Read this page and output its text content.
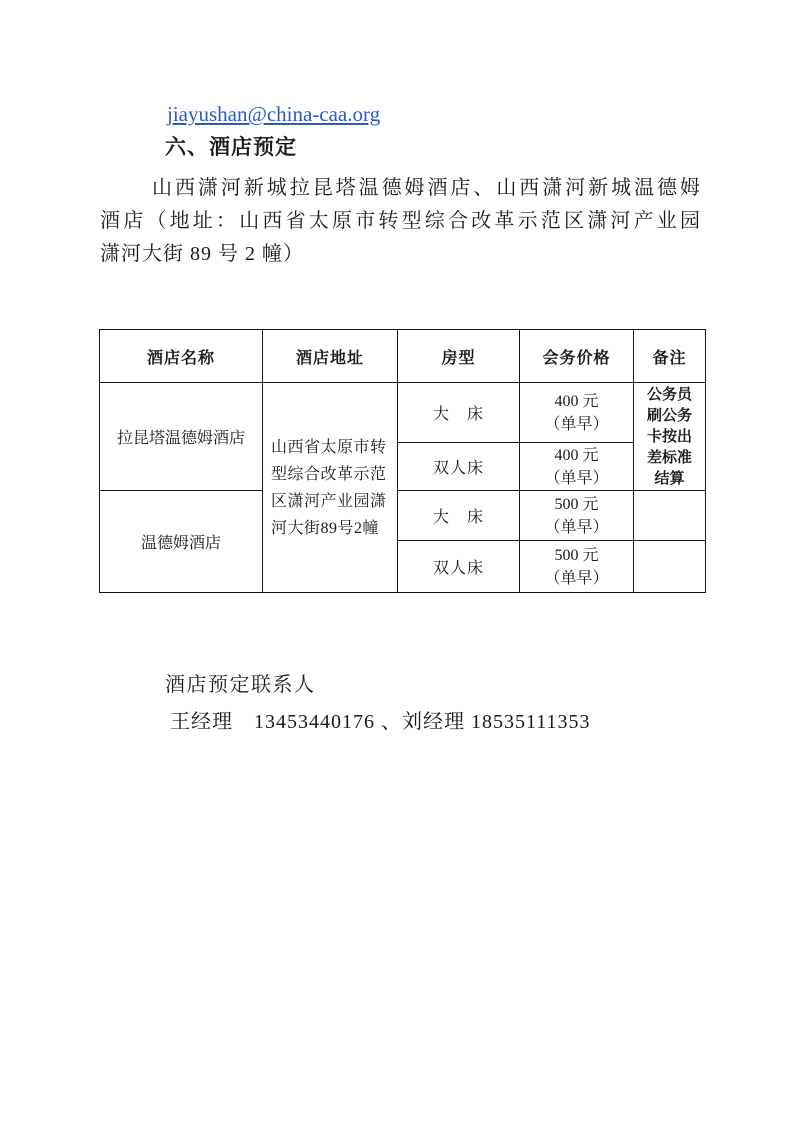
jiayushan@china-caa.org
六、酒店预定
山西潇河新城拉昆塔温德姆酒店、山西潇河新城温德姆
酒店（地址：山西省太原市转型综合改革示范区潇河产业园
潇河大街 89 号 2 幢）
酒店名称	酒店地址	房型	会务价格	备注
拉昆塔温德姆酒店	山西省太原市转型综合改革示范区潇河产业园潇河大街89号2幢	大　床	400 元
（单早）	公务员刷公务卡按出差标准结算
		双人床	400 元
（单早）	

温德姆酒店		大　床	500 元
（单早）	

		双人床	500 元
（单早）	

酒店预定联系人
王经理　13453440176 、刘经理 18535111353
